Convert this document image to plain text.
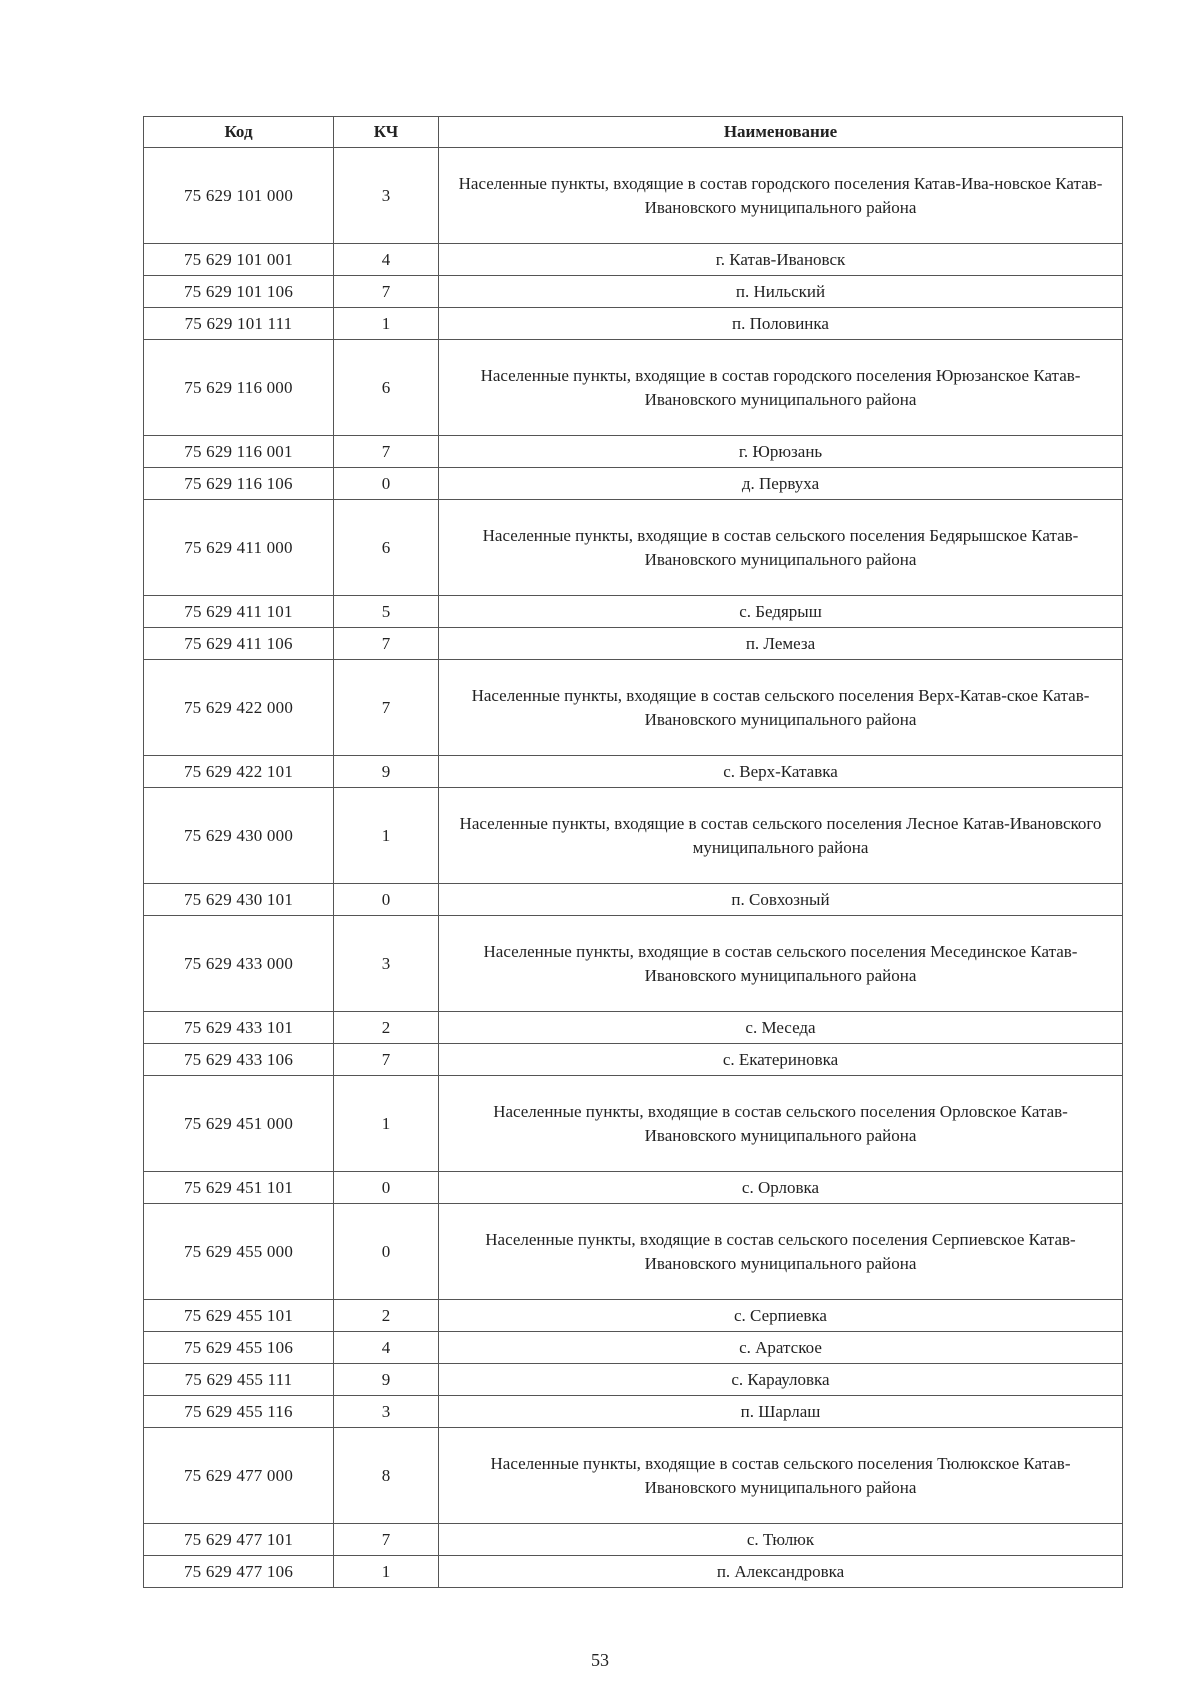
Код	КЧ	Наименование
75 629 101 000	3	Населенные пункты, входящие в состав городского поселения Катав-Ива-новское Катав-Ивановского муниципального района
75 629 101 001	4	г. Катав-Ивановск
75 629 101 106	7	п. Нильский
75 629 101 111	1	п. Половинка
75 629 116 000	6	Населенные пункты, входящие в состав городского поселения Юрюзанское Катав-Ивановского муниципального района
75 629 116 001	7	г. Юрюзань
75 629 116 106	0	д. Первуха
75 629 411 000	6	Населенные пункты, входящие в состав сельского поселения Бедярышское Катав-Ивановского муниципального района
75 629 411 101	5	с. Бедярыш
75 629 411 106	7	п. Лемеза
75 629 422 000	7	Населенные пункты, входящие в состав сельского поселения Верх-Катав-ское Катав-Ивановского муниципального района
75 629 422 101	9	с. Верх-Катавка
75 629 430 000	1	Населенные пункты, входящие в состав сельского поселения Лесное Катав-Ивановского муниципального района
75 629 430 101	0	п. Совхозный
75 629 433 000	3	Населенные пункты, входящие в состав сельского поселения Месединское Катав-Ивановского муниципального района
75 629 433 101	2	с. Меседа
75 629 433 106	7	с. Екатериновка
75 629 451 000	1	Населенные пункты, входящие в состав сельского поселения Орловское Катав-Ивановского муниципального района
75 629 451 101	0	с. Орловка
75 629 455 000	0	Населенные пункты, входящие в состав сельского поселения Серпиевское Катав-Ивановского муниципального района
75 629 455 101	2	с. Серпиевка
75 629 455 106	4	с. Аратское
75 629 455 111	9	с. Карауловка
75 629 455 116	3	п. Шарлаш
75 629 477 000	8	Населенные пункты, входящие в состав сельского поселения Тюлюкское Катав-Ивановского муниципального района
75 629 477 101	7	с. Тюлюк
75 629 477 106	1	п. Александровка
53
